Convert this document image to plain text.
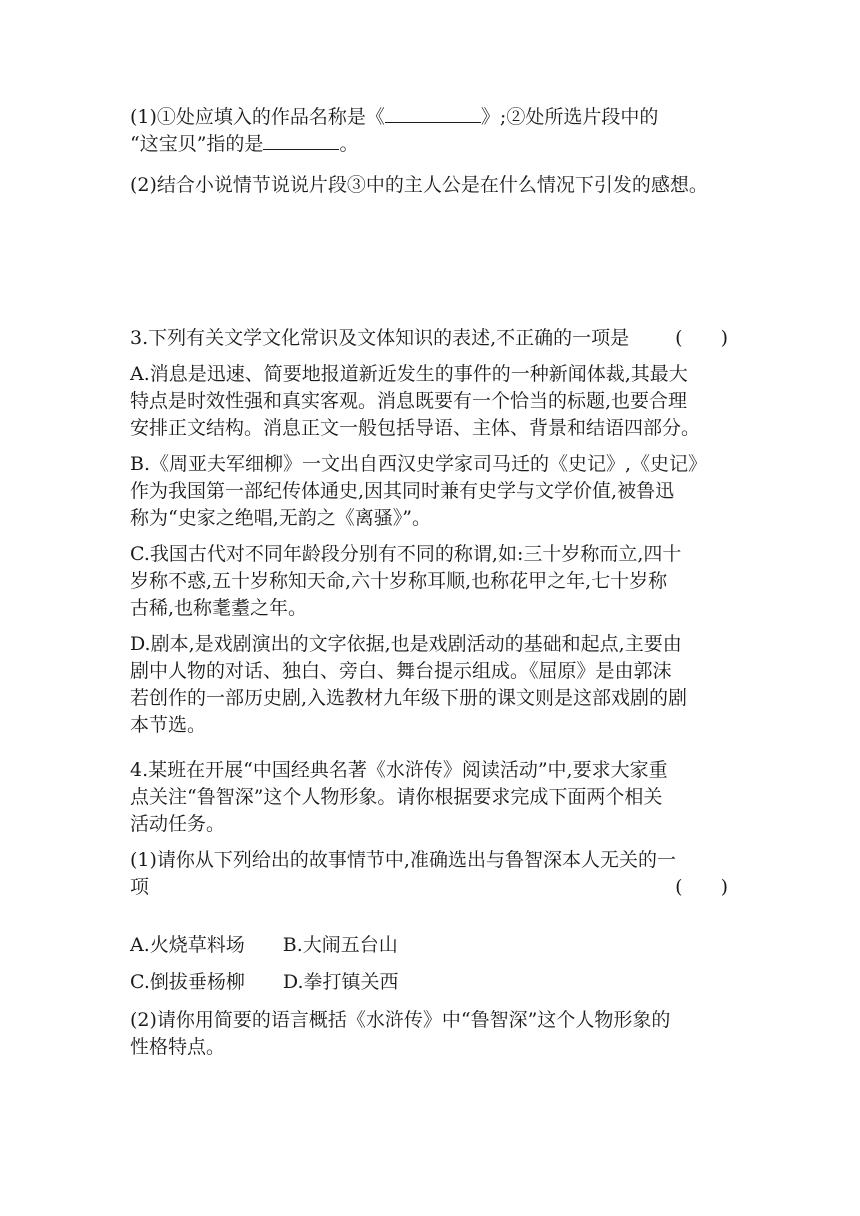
(1)①处应填入的作品名称是《	》;②处所选片段中的
“这宝贝”指的是	。
(2)结合小说情节说说片段③中的主人公是在什么情况下引发的感想。
3.下列有关文学文化常识及文体知识的表述,不正确的一项是 (　　)
A.消息是迅速、简要地报道新近发生的事件的一种新闻体裁,其最大
特点是时效性强和真实客观。消息既要有一个恰当的标题,也要合理
安排正文结构。消息正文一般包括导语、主体、背景和结语四部分。
B.《周亚夫军细柳》一文出自西汉史学家司马迁的《史记》,《史记》
作为我国第一部纪传体通史,因其同时兼有史学与文学价值,被鲁迅
称为“史家之绝唱,无韵之《离骚》”。
C.我国古代对不同年龄段分别有不同的称谓,如:三十岁称而立,四十
岁称不惑,五十岁称知天命,六十岁称耳顺,也称花甲之年,七十岁称
古稀,也称耄耋之年。
D.剧本,是戏剧演出的文字依据,也是戏剧活动的基础和起点,主要由
剧中人物的对话、独白、旁白、舞台提示组成。《屈原》是由郭沫
若创作的一部历史剧,入选教材九年级下册的课文则是这部戏剧的剧
本节选。
4.某班在开展“中国经典名著《水浒传》阅读活动”中,要求大家重
点关注“鲁智深”这个人物形象。请你根据要求完成下面两个相关
活动任务。
(1)请你从下列给出的故事情节中,准确选出与鲁智深本人无关的一
项	(　　)
A.火烧草料场　　B.大闹五台山
C.倒拔垂杨柳　　D.拳打镇关西
(2)请你用简要的语言概括《水浒传》中“鲁智深”这个人物形象的
性格特点。
